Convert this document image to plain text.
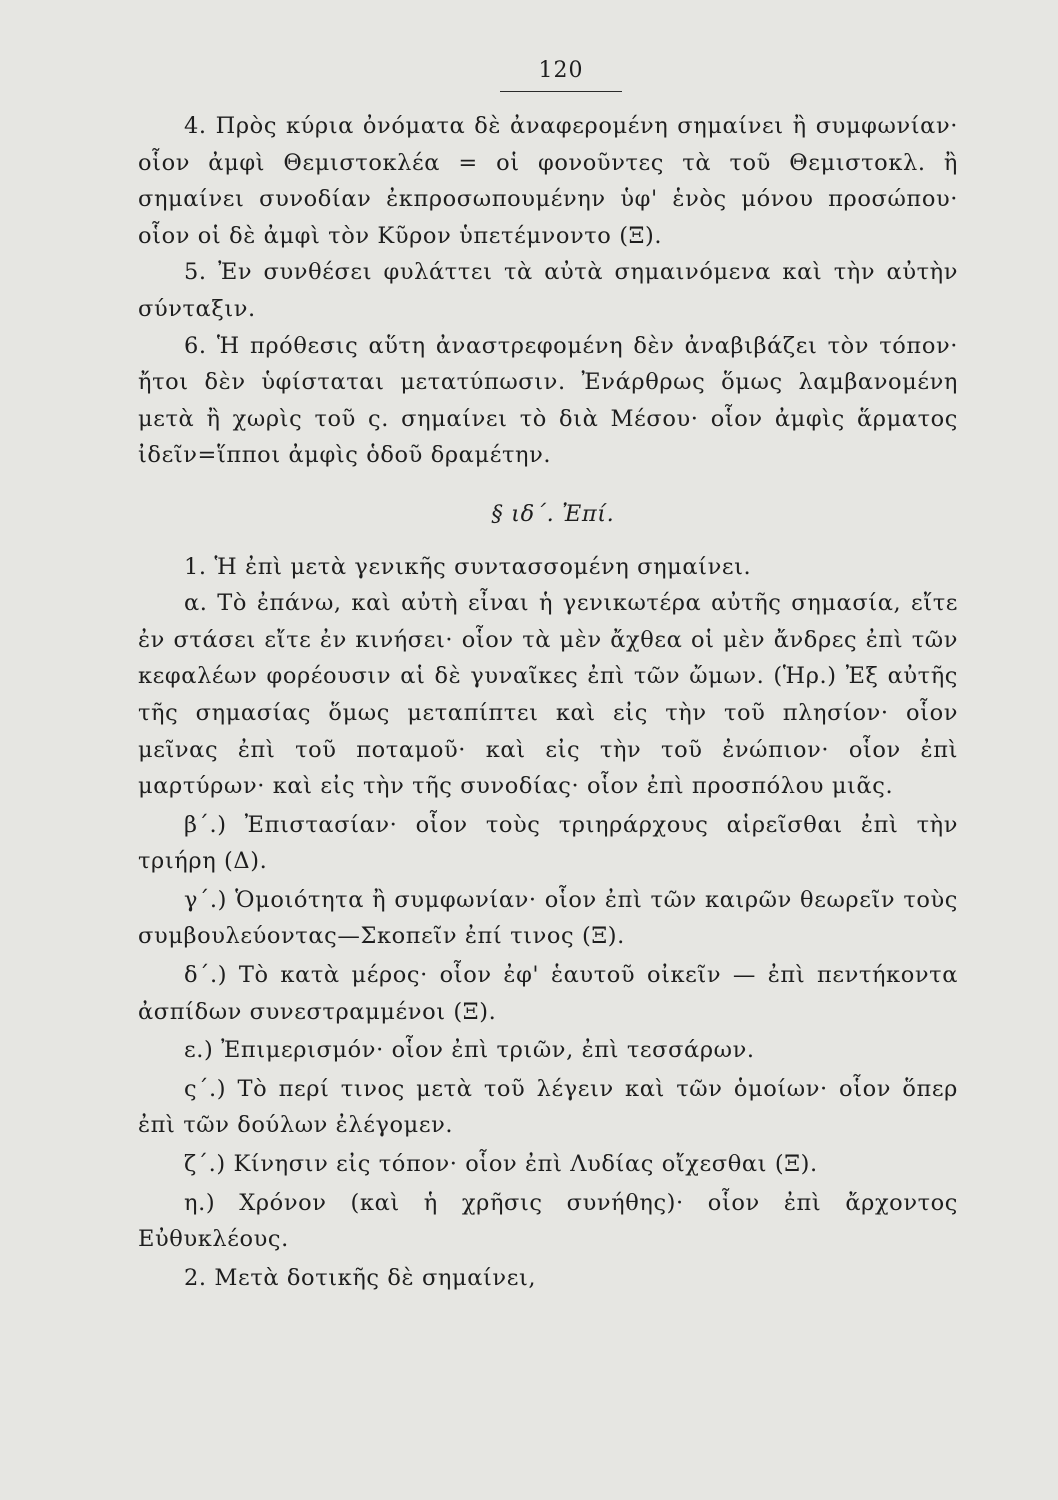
120

4. Πρὸς κύρια ὀνόματα δὲ ἀναφερομένη σημαίνει ἢ συμφωνίαν· οἷον ἀμφὶ Θεμιστοκλέα = οἱ φονοῦντες τὰ τοῦ Θεμιστοκλ. ἢ σημαίνει συνοδίαν ἐκπροσωπουμένην ὑφ' ἑνὸς μόνου προσώπου· οἷον οἱ δὲ ἀμφὶ τὸν Κῦρον ὑπετέμνοντο (Ξ).

5. Ἐν συνθέσει φυλάττει τὰ αὐτὰ σημαινόμενα καὶ τὴν αὐτὴν σύνταξιν.

6. Ἡ πρόθεσις αὕτη ἀναστρεφομένη δὲν ἀναβιβάζει τὸν τόπον· ἤτοι δὲν ὑφίσταται μετατύπωσιν. Ἐνάρθρως ὅμως λαμβανομένη μετὰ ἢ χωρὶς τοῦ ς. σημαίνει τὸ διὰ Μέσου· οἷον ἀμφὶς ἅρματος ἰδεῖν=ἵπποι ἀμφὶς ὁδοῦ δραμέτην.

§ ιδ΄. Ἐπί.

1. Ἡ ἐπὶ μετὰ γενικῆς συντασσομένη σημαίνει.

α. Τὸ ἐπάνω, καὶ αὐτὴ εἶναι ἡ γενικωτέρα αὐτῆς σημασία, εἴτε ἐν στάσει εἴτε ἐν κινήσει· οἷον τὰ μὲν ἄχθεα οἱ μὲν ἄνδρες ἐπὶ τῶν κεφαλέων φορέουσιν αἱ δὲ γυναῖκες ἐπὶ τῶν ὤμων. (Ἡρ.) Ἐξ αὐτῆς τῆς σημασίας ὅμως μεταπίπτει καὶ εἰς τὴν τοῦ πλησίον· οἷον μεῖνας ἐπὶ τοῦ ποταμοῦ· καὶ εἰς τὴν τοῦ ἐνώπιον· οἷον ἐπὶ μαρτύρων· καὶ εἰς τὴν τῆς συνοδίας· οἷον ἐπὶ προσπόλου μιᾶς.

β΄.) Ἐπιστασίαν· οἷον τοὺς τριηράρχους αἱρεῖσθαι ἐπὶ τὴν τριήρη (Δ).

γ΄.) Ὁμοιότητα ἢ συμφωνίαν· οἷον ἐπὶ τῶν καιρῶν θεωρεῖν τοὺς συμβουλεύοντας—Σκοπεῖν ἐπί τινος (Ξ).

δ΄.) Τὸ κατὰ μέρος· οἷον ἐφ' ἑαυτοῦ οἰκεῖν — ἐπὶ πεντήκοντα ἀσπίδων συνεστραμμένοι (Ξ).

ε.) Ἐπιμερισμόν· οἷον ἐπὶ τριῶν, ἐπὶ τεσσάρων.

ς΄.) Τὸ περί τινος μετὰ τοῦ λέγειν καὶ τῶν ὁμοίων· οἷον ὅπερ ἐπὶ τῶν δούλων ἐλέγομεν.

ζ΄.) Κίνησιν εἰς τόπον· οἷον ἐπὶ Λυδίας οἴχεσθαι (Ξ).

η.) Χρόνον (καὶ ἡ χρῆσις συνήθης)· οἷον ἐπὶ ἄρχοντος Εὐθυκλέους.

2. Μετὰ δοτικῆς δὲ σημαίνει,
